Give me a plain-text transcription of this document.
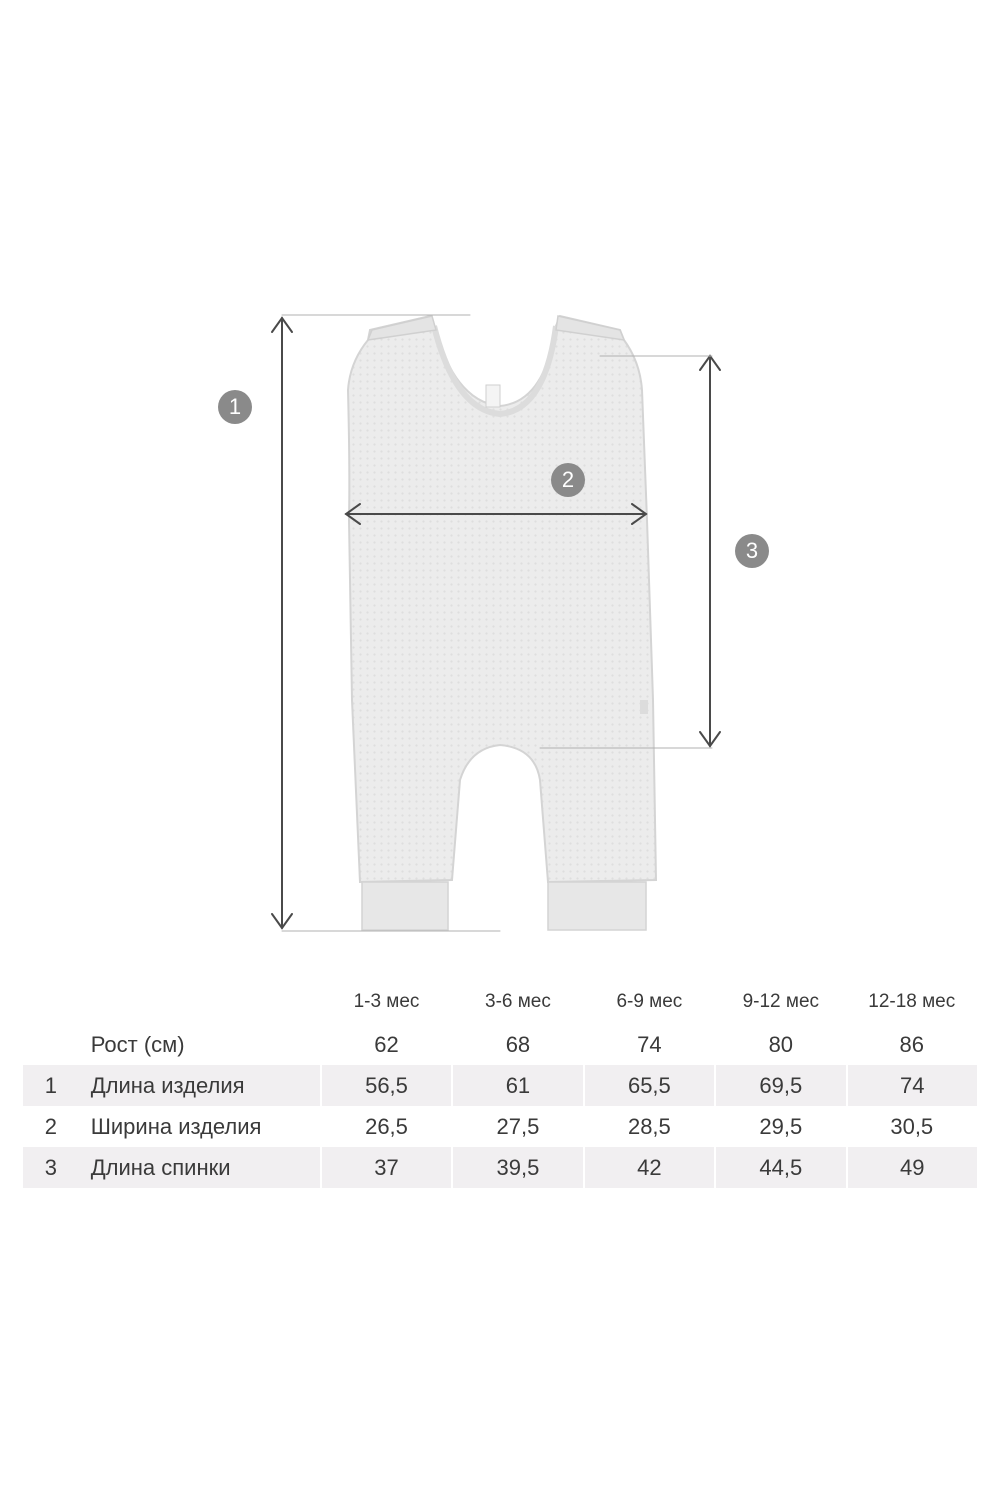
1
2
3
		1-3 мес	3-6 мес	6-9 мес	9-12 мес	12-18 мес
	Рост (см)	62	68	74	80	86
1	Длина изделия	56,5	61	65,5	69,5	74
2	Ширина изделия	26,5	27,5	28,5	29,5	30,5
3	Длина спинки	37	39,5	42	44,5	49
